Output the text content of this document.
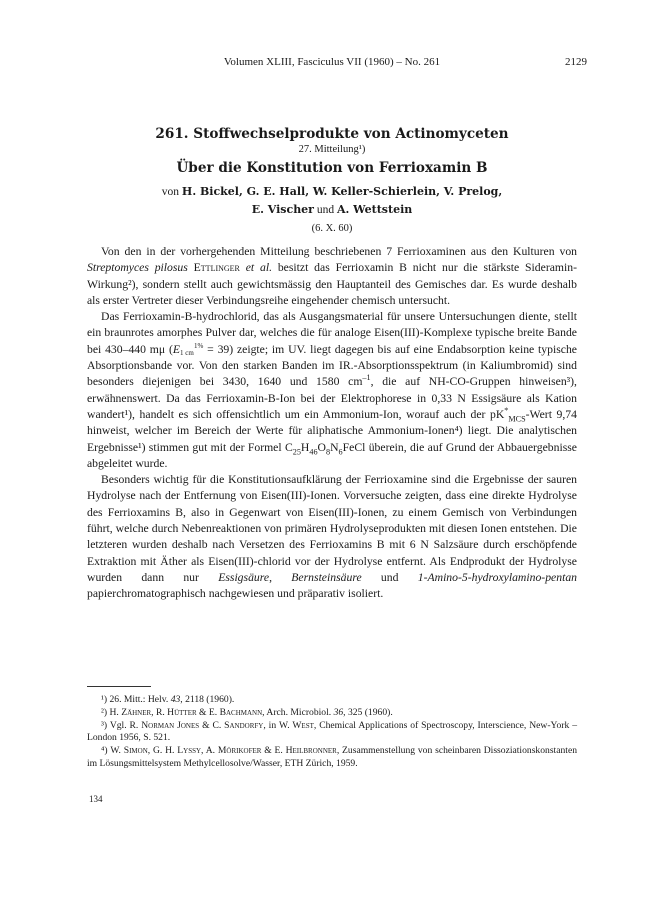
Volumen XLIII, Fasciculus VII (1960) – No. 261	2129

261. Stoffwechselprodukte von Actinomyceten

27. Mitteilung¹)

Über die Konstitution von Ferrioxamin B

von H. Bickel, G. E. Hall, W. Keller-Schierlein, V. Prelog,

E. Vischer und A. Wettstein

(6. X. 60)

Von den in der vorhergehenden Mitteilung beschriebenen 7 Ferrioxaminen aus den Kulturen von Streptomyces pilosus Ettlinger et al. besitzt das Ferrioxamin B nicht nur die stärkste Sideramin-Wirkung²), sondern stellt auch gewichtsmässig den Hauptanteil des Gemisches dar. Es wurde deshalb als erster Vertreter dieser Verbindungsreihe eingehender chemisch untersucht.

Das Ferrioxamin-B-hydrochlorid, das als Ausgangsmaterial für unsere Untersuchungen diente, stellt ein braunrotes amorphes Pulver dar, welches die für analoge Eisen(III)-Komplexe typische breite Bande bei 430–440 mμ (E 1%
1 cm = 39) zeigte; im UV. liegt dagegen bis auf eine Endabsorption keine typische Absorptionsbande vor. Von den starken Banden im IR.-Absorptionsspektrum (in Kaliumbromid) sind besonders diejenigen bei 3430, 1640 und 1580 $cm^{-1}$, die auf NH-CO-Gruppen hinweisen³), erwähnenswert. Da das Ferrioxamin-B-Ion bei der Elektrophorese in 0,33 N Essigsäure als Kation wandert¹), handelt es sich offensichtlich um ein Ammonium-Ion, worauf auch der $pK^*_{MCS}$-Wert 9,74 hinweist, welcher im Bereich der Werte für aliphatische Ammonium-Ionen⁴) liegt. Die analytischen Ergebnisse¹) stimmen gut mit der Formel $C_{25}H_{46}O_8N_6FeCl$ überein, die auf Grund der Abbauergebnisse abgeleitet wurde.

Besonders wichtig für die Konstitutionsaufklärung der Ferrioxamine sind die Ergebnisse der sauren Hydrolyse nach der Entfernung von Eisen(III)-Ionen. Vorversuche zeigten, dass eine direkte Hydrolyse des Ferrioxamins B, also in Gegenwart von Eisen(III)-Ionen, zu einem Gemisch von Verbindungen führt, welche durch Nebenreaktionen von primären Hydrolyseprodukten mit diesen Ionen entstehen. Die letzteren wurden deshalb nach Versetzen des Ferrioxamins B mit 6 N Salzsäure durch erschöpfende Extraktion mit Äther als Eisen(III)-chlorid vor der Hydrolyse entfernt. Als Endprodukt der Hydrolyse wurden dann nur Essigsäure, Bernsteinsäure und 1-Amino-5-hydroxylamino-pentan papierchromatographisch nachgewiesen und präparativ isoliert.

¹) 26. Mitt.: Helv. 43, 2118 (1960).

²) H. Zähner, R. Hütter & E. Bachmann, Arch. Microbiol. 36, 325 (1960).

³) Vgl. R. Norman Jones & C. Sandorfy, in W. West, Chemical Applications of Spectroscopy, Interscience, New-York – London 1956, S. 521.

⁴) W. Simon, G. H. Lyssy, A. Mörikofer & E. Heilbronner, Zusammenstellung von scheinbaren Dissoziationskonstanten im Lösungsmittelsystem Methylcellosolve/Wasser, ETH Zürich, 1959.

134
